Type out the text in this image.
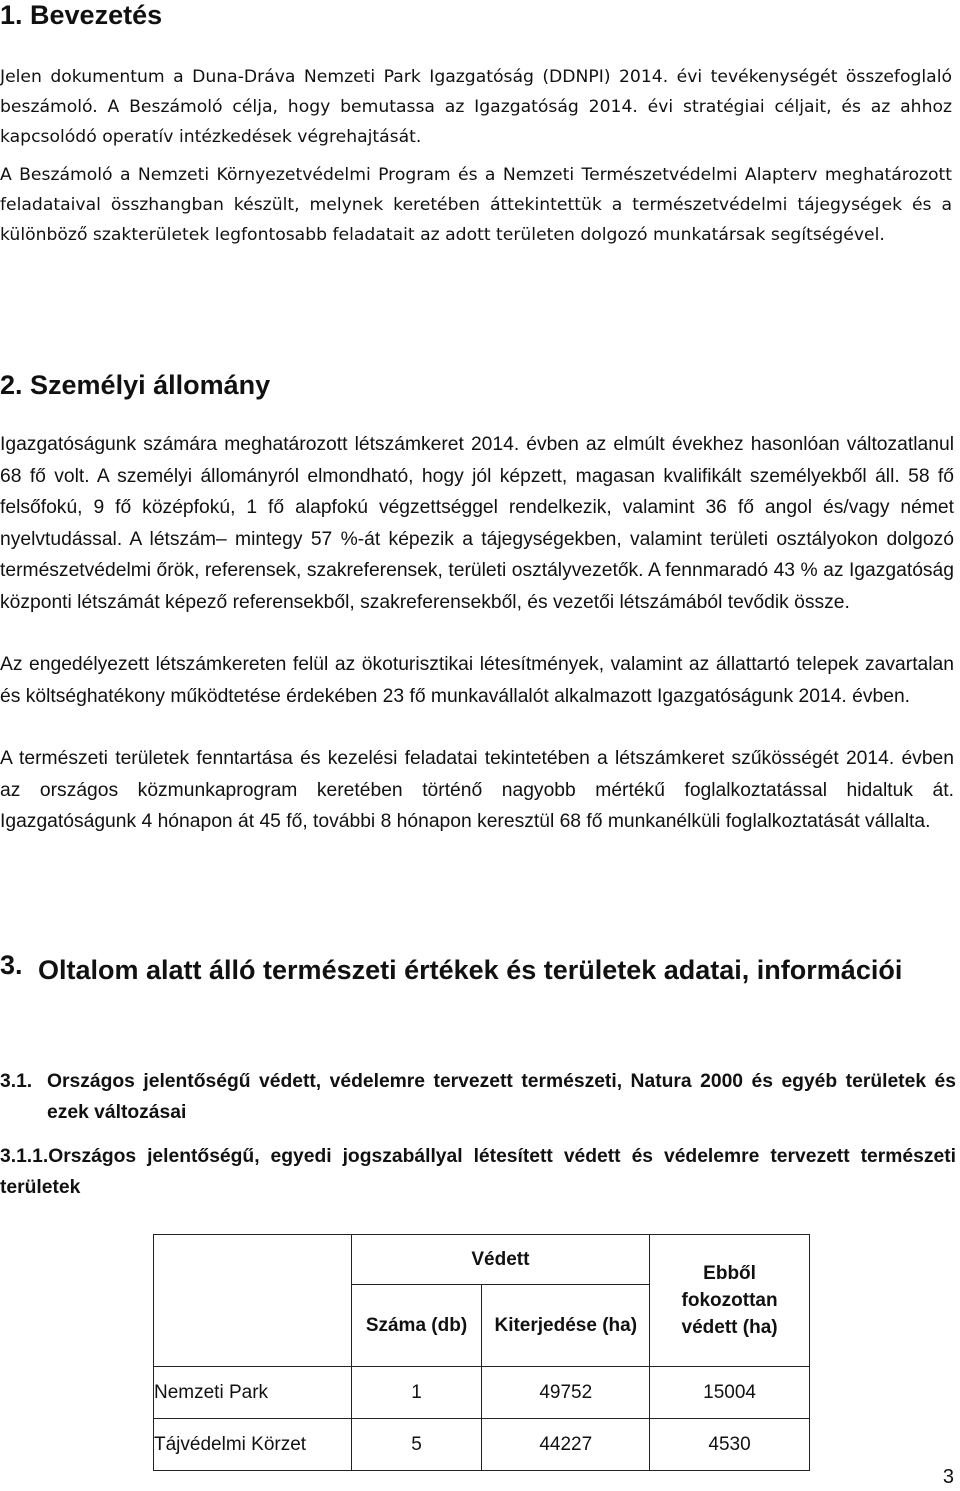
1. Bevezetés

Jelen dokumentum a Duna-Dráva Nemzeti Park Igazgatóság (DDNPI) 2014. évi tevékenységét összefoglaló beszámoló. A Beszámoló célja, hogy bemutassa az Igazgatóság 2014. évi stratégiai céljait, és az ahhoz kapcsolódó operatív intézkedések végrehajtását.

A Beszámoló a Nemzeti Környezetvédelmi Program és a Nemzeti Természetvédelmi Alapterv meghatározott feladataival összhangban készült, melynek keretében áttekintettük a természetvédelmi tájegységek és a különböző szakterületek legfontosabb feladatait az adott területen dolgozó munkatársak segítségével.

2. Személyi állomány

Igazgatóságunk számára meghatározott létszámkeret 2014. évben az elmúlt évekhez hasonlóan változatlanul 68 fő volt. A személyi állományról elmondható, hogy jól képzett, magasan kvalifikált személyekből áll. 58 fő felsőfokú, 9 fő középfokú, 1 fő alapfokú végzettséggel rendelkezik, valamint 36 fő angol és/vagy német nyelvtudással. A létszám– mintegy 57 %-át képezik a tájegységekben, valamint területi osztályokon dolgozó természetvédelmi őrök, referensek, szakreferensek, területi osztályvezetők. A fennmaradó 43 % az Igazgatóság központi létszámát képező referensekből, szakreferensekből, és vezetői létszámából tevődik össze.

Az engedélyezett létszámkereten felül az ökoturisztikai létesítmények, valamint az állattartó telepek zavartalan és költséghatékony működtetése érdekében 23 fő munkavállalót alkalmazott Igazgatóságunk 2014. évben.

A természeti területek fenntartása és kezelési feladatai tekintetében a létszámkeret szűkösségét 2014. évben az országos közmunkaprogram keretében történő nagyobb mértékű foglalkoztatással hidaltuk át. Igazgatóságunk 4 hónapon át 45 fő, további 8 hónapon keresztül 68 fő munkanélküli foglalkoztatását vállalta.

3. Oltalom alatt álló természeti értékek és területek adatai, információi
3.1. Országos jelentőségű védett, védelemre tervezett természeti, Natura 2000 és egyéb területek és ezek változásai

3.1.1.Országos jelentőségű, egyedi jogszabállyal létesített védett és védelemre tervezett természeti területek

	Védett		Ebből fokozottan védett (ha)
	Száma (db)	Kiterjedése (ha)	
Nemzeti Park	1	49752	15004
Tájvédelmi Körzet	5	44227	4530
3
